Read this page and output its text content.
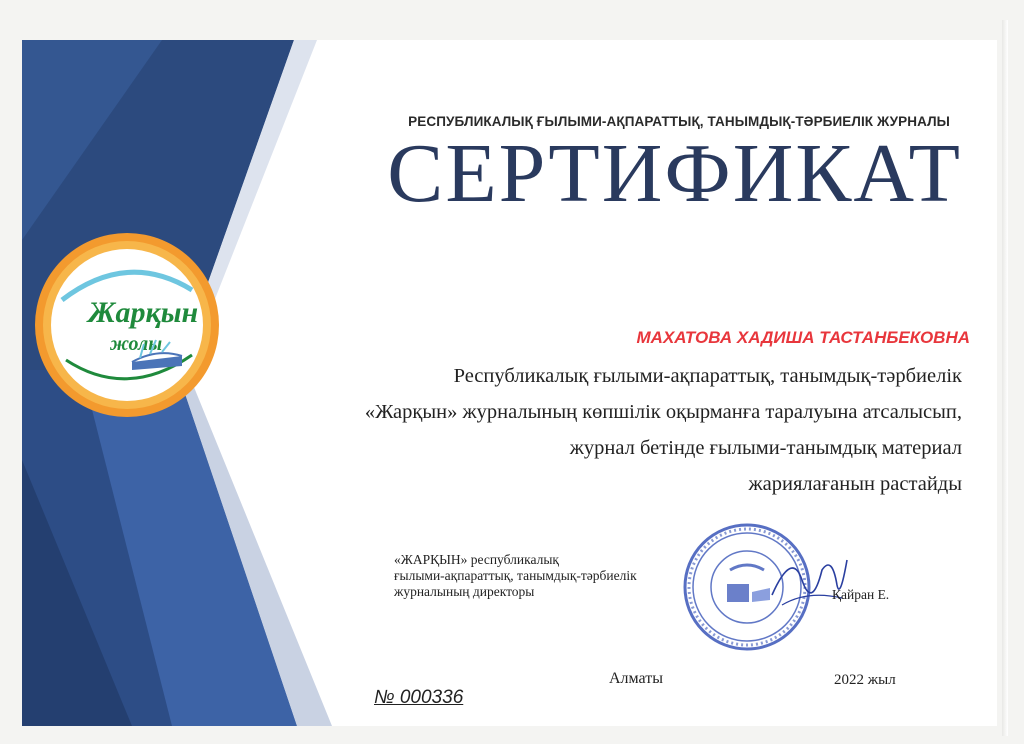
Жарқын
жолы
РЕСПУБЛИКАЛЫҚ ҒЫЛЫМИ-АҚПАРАТТЫҚ, ТАНЫМДЫҚ-ТӘРБИЕЛІК ЖУРНАЛЫ
СЕРТИФИКАТ
МАХАТОВА ХАДИША ТАСТАНБЕКОВНА
Республикалық ғылыми-ақпараттық, танымдық-тәрбиелік
«Жарқын» журналының көпшілік оқырманға таралуына атсалысып,
журнал бетінде ғылыми-танымдық материал
жариялағанын растайды
«ЖАРҚЫН» республикалық
ғылыми-ақпараттық, танымдық-тәрбиелік
журналының директоры	Қайран Е.
Алматы	2022 жыл
№ 000336
